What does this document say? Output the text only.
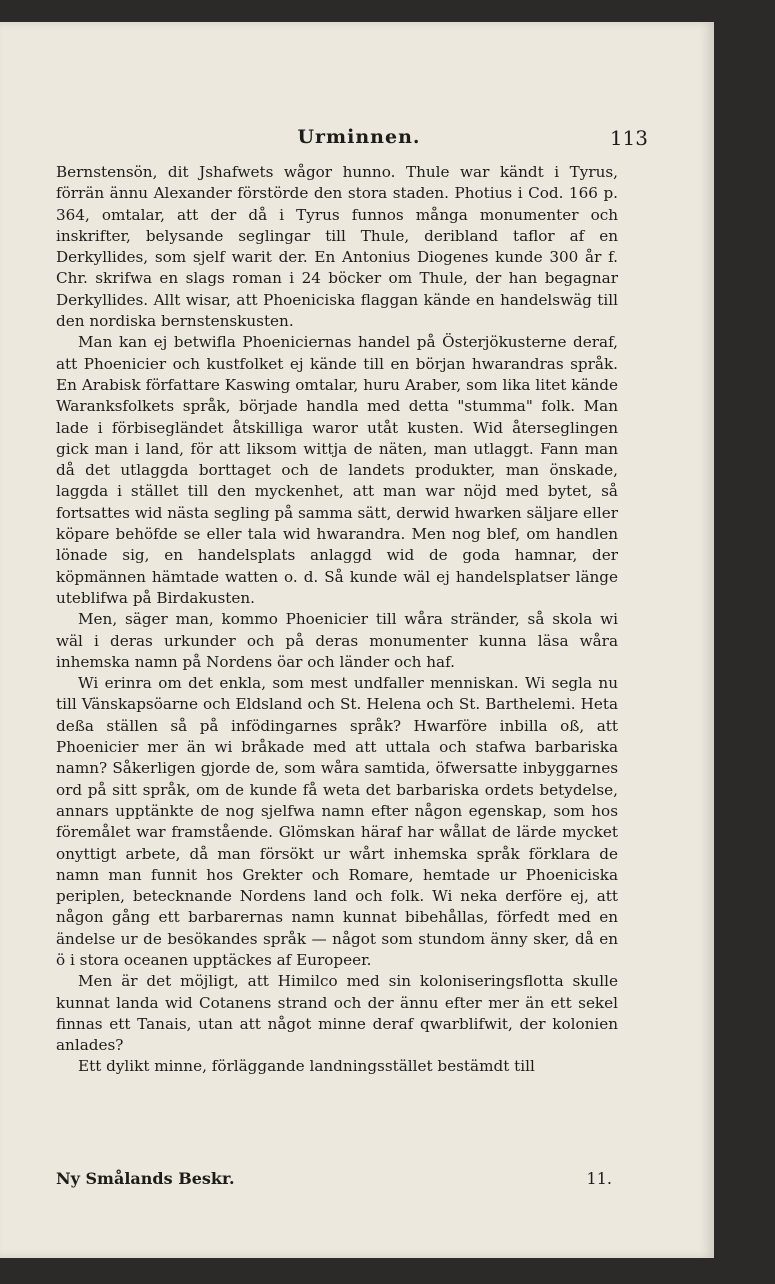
Urminnen.	113

Bernstensön, dit Jshafwets wågor hunno. Thule war kändt i Tyrus, förrän ännu Alexander förstörde den stora staden. Photius i Cod. 166 p. 364, omtalar, att der då i Tyrus funnos många monumenter och inskrifter, belysande seglingar till Thule, deribland taflor af en Derkyllides, som sjelf warit der. En Antonius Diogenes kunde 300 år f. Chr. skrifwa en slags roman i 24 böcker om Thule, der han begagnar Derkyllides. Allt wisar, att Phoeniciska flaggan kände en handelswäg till den nordiska bernstenskusten.

Man kan ej betwifla Phoeniciernas handel på Österjökusterne deraf, att Phoenicier och kustfolket ej kände till en början hwarandras språk. En Arabisk författare Kaswing omtalar, huru Araber, som lika litet kände Waranksfolkets språk, började handla med detta "stumma" folk. Man lade i förbisegländet åtskilliga waror utåt kusten. Wid återseglingen gick man i land, för att liksom wittja de näten, man utlaggt. Fann man då det utlaggda borttaget och de landets produkter, man önskade, laggda i stället till den myckenhet, att man war nöjd med bytet, så fortsattes wid nästa segling på samma sätt, derwid hwarken säljare eller köpare behöfde se eller tala wid hwarandra. Men nog blef, om handlen lönade sig, en handelsplats anlaggd wid de goda hamnar, der köpmännen hämtade watten o. d. Så kunde wäl ej handelsplatser länge uteblifwa på Birdakusten.

Men, säger man, kommo Phoenicier till wåra stränder, så skola wi wäl i deras urkunder och på deras monumenter kunna läsa wåra inhemska namn på Nordens öar och länder och haf.

Wi erinra om det enkla, som mest undfaller menniskan. Wi segla nu till Vänskapsöarne och Eldsland och St. Helena och St. Barthelemi. Heta deßa ställen så på infödingarnes språk? Hwarföre inbilla oß, att Phoenicier mer än wi bråkade med att uttala och stafwa barbariska namn? Såkerligen gjorde de, som wåra samtida, öfwersatte inbyggarnes ord på sitt språk, om de kunde få weta det barbariska ordets betydelse, annars upptänkte de nog sjelfwa namn efter någon egenskap, som hos föremålet war framstående. Glömskan häraf har wållat de lärde mycket onyttigt arbete, då man försökt ur wårt inhemska språk förklara de namn man funnit hos Grekter och Romare, hemtade ur Phoeniciska periplen, betecknande Nordens land och folk. Wi neka derföre ej, att någon gång ett barbarernas namn kunnat bibehållas, förfedt med en ändelse ur de besökandes språk — något som stundom änny sker, då en ö i stora oceanen upptäckes af Europeer.

Men är det möjligt, att Himilco med sin koloniseringsflotta skulle kunnat landa wid Cotanens strand och der ännu efter mer än ett sekel finnas ett Tanais, utan att något minne deraf qwarblifwit, der kolonien anlades?

Ett dylikt minne, förläggande landningsstället bestämdt till

Ny Smålands Beskr.	11.
